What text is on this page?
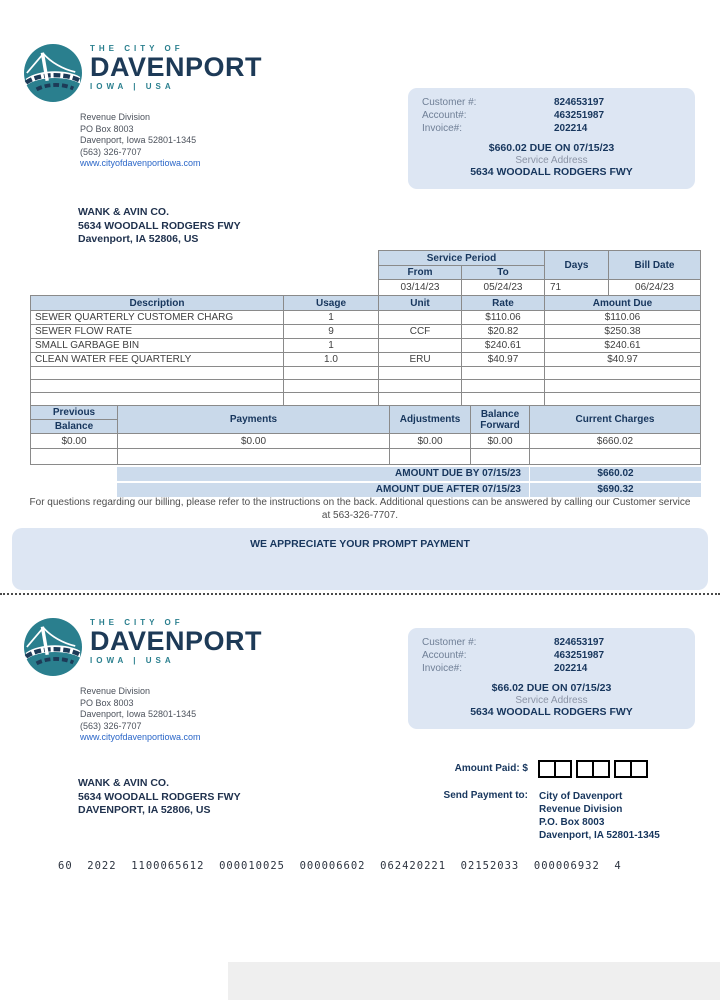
THE CITY OF
DAVENPORT
IOWA | USA
Revenue Division
PO Box 8003
Davenport, Iowa 52801-1345
(563) 326-7707
www.cityofdavenportiowa.com
Customer #:	824653197
Account#:	463251987
Invoice#:	202214
$660.02 DUE ON 07/15/23
Service Address
5634 WOODALL RODGERS FWY
WANK & AVIN CO.
5634 WOODALL RODGERS FWY
Davenport, IA 52806, US
Service Period		Days	Bill Date
From	To		
03/14/23	05/24/23	71	06/24/23
Description	Usage	Unit	Rate	Amount Due
SEWER QUARTERLY CUSTOMER CHARG	1		$110.06	$110.06
SEWER FLOW RATE	9	CCF	$20.82	$250.38
SMALL GARBAGE BIN	1		$240.61	$240.61
CLEAN WATER FEE QUARTERLY	1.0	ERU	$40.97	$40.97

Previous
Balance	Payments	Adjustments	Balance Forward	Current Charges
$0.00	$0.00	$0.00	$0.00	$660.02

AMOUNT DUE BY 07/15/23	$660.02
AMOUNT DUE AFTER 07/15/23	$690.32
For questions regarding our billing, please refer to the instructions on the back. Additional questions can be answered by calling our Customer service at 563-326-7707.
WE APPRECIATE YOUR PROMPT PAYMENT
THE CITY OF
DAVENPORT
IOWA | USA
Revenue Division
PO Box 8003
Davenport, Iowa 52801-1345
(563) 326-7707
www.cityofdavenportiowa.com
Customer #:	824653197
Account#:	463251987
Invoice#:	202214
$66.02 DUE ON 07/15/23
Service Address
5634 WOODALL RODGERS FWY
Amount Paid: $
WANK & AVIN CO.
5634 WOODALL RODGERS FWY
DAVENPORT, IA 52806, US
Send Payment to: City of Davenport
Revenue Division
P.O. Box 8003
Davenport, IA 52801-1345
60  2022  1100065612  000010025  000006602  062420221  02152033  000006932  4
